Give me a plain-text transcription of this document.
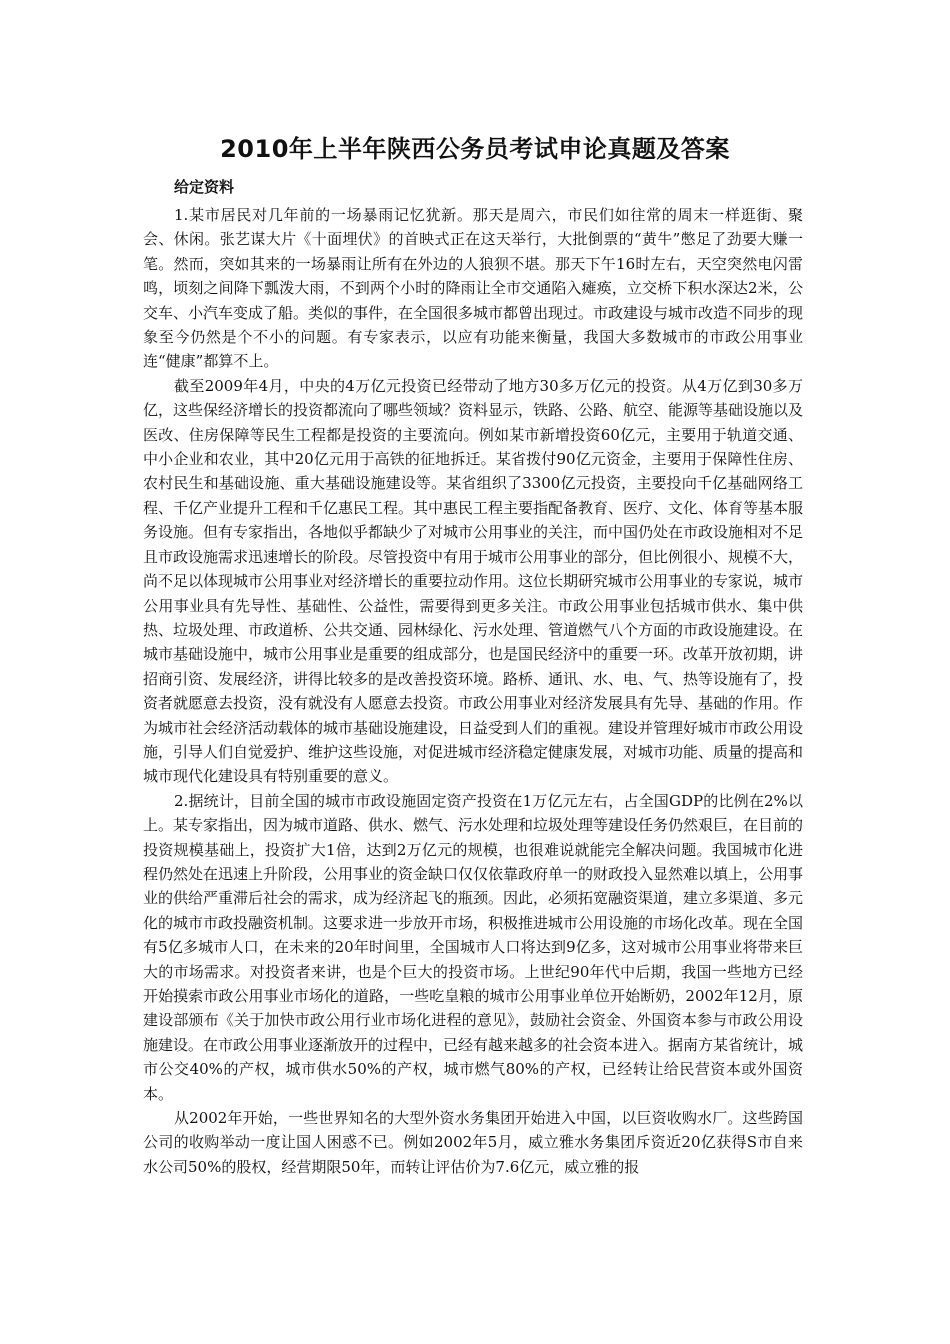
2010年上半年陕西公务员考试申论真题及答案
给定资料

1.某市居民对几年前的一场暴雨记忆犹新。那天是周六，市民们如往常的周末一样逛街、聚会、休闲。张艺谋大片《十面埋伏》的首映式正在这天举行，大批倒票的“黄牛”憋足了劲要大赚一笔。然而，突如其来的一场暴雨让所有在外边的人狼狈不堪。那天下午16时左右，天空突然电闪雷鸣，顷刻之间降下瓢泼大雨，不到两个小时的降雨让全市交通陷入瘫痪，立交桥下积水深达2米，公交车、小汽车变成了船。类似的事件，在全国很多城市都曾出现过。市政建设与城市改造不同步的现象至今仍然是个不小的问题。有专家表示，以应有功能来衡量，我国大多数城市的市政公用事业连“健康”都算不上。

截至2009年4月，中央的4万亿元投资已经带动了地方30多万亿元的投资。从4万亿到30多万亿，这些保经济增长的投资都流向了哪些领域？资料显示，铁路、公路、航空、能源等基础设施以及医改、住房保障等民生工程都是投资的主要流向。例如某市新增投资60亿元，主要用于轨道交通、中小企业和农业，其中20亿元用于高铁的征地拆迁。某省拨付90亿元资金，主要用于保障性住房、农村民生和基础设施、重大基础设施建设等。某省组织了3300亿元投资，主要投向千亿基础网络工程、千亿产业提升工程和千亿惠民工程。其中惠民工程主要指配备教育、医疗、文化、体育等基本服务设施。但有专家指出，各地似乎都缺少了对城市公用事业的关注，而中国仍处在市政设施相对不足且市政设施需求迅速增长的阶段。尽管投资中有用于城市公用事业的部分，但比例很小、规模不大，尚不足以体现城市公用事业对经济增长的重要拉动作用。这位长期研究城市公用事业的专家说，城市公用事业具有先导性、基础性、公益性，需要得到更多关注。市政公用事业包括城市供水、集中供热、垃圾处理、市政道桥、公共交通、园林绿化、污水处理、管道燃气八个方面的市政设施建设。在城市基础设施中，城市公用事业是重要的组成部分，也是国民经济中的重要一环。改革开放初期，讲招商引资、发展经济，讲得比较多的是改善投资环境。路桥、通讯、水、电、气、热等设施有了，投资者就愿意去投资，没有就没有人愿意去投资。市政公用事业对经济发展具有先导、基础的作用。作为城市社会经济活动载体的城市基础设施建设，日益受到人们的重视。建设并管理好城市市政公用设施，引导人们自觉爱护、维护这些设施，对促进城市经济稳定健康发展，对城市功能、质量的提高和城市现代化建设具有特别重要的意义。

2.据统计，目前全国的城市市政设施固定资产投资在1万亿元左右，占全国GDP的比例在2%以上。某专家指出，因为城市道路、供水、燃气、污水处理和垃圾处理等建设任务仍然艰巨，在目前的投资规模基础上，投资扩大1倍，达到2万亿元的规模，也很难说就能完全解决问题。我国城市化进程仍然处在迅速上升阶段，公用事业的资金缺口仅仅依靠政府单一的财政投入显然难以填上，公用事业的供给严重滞后社会的需求，成为经济起飞的瓶颈。因此，必须拓宽融资渠道，建立多渠道、多元化的城市市政投融资机制。这要求进一步放开市场，积极推进城市公用设施的市场化改革。现在全国有5亿多城市人口，在未来的20年时间里，全国城市人口将达到9亿多，这对城市公用事业将带来巨大的市场需求。对投资者来讲，也是个巨大的投资市场。上世纪90年代中后期，我国一些地方已经开始摸索市政公用事业市场化的道路，一些吃皇粮的城市公用事业单位开始断奶，2002年12月，原建设部颁布《关于加快市政公用行业市场化进程的意见》，鼓励社会资金、外国资本参与市政公用设施建设。在市政公用事业逐渐放开的过程中，已经有越来越多的社会资本进入。据南方某省统计，城市公交40%的产权，城市供水50%的产权，城市燃气80%的产权，已经转让给民营资本或外国资本。

从2002年开始，一些世界知名的大型外资水务集团开始进入中国，以巨资收购水厂。这些跨国公司的收购举动一度让国人困惑不已。例如2002年5月，威立雅水务集团斥资近20亿获得S市自来水公司50%的股权，经营期限50年，而转让评估价为7.6亿元，威立雅的报
